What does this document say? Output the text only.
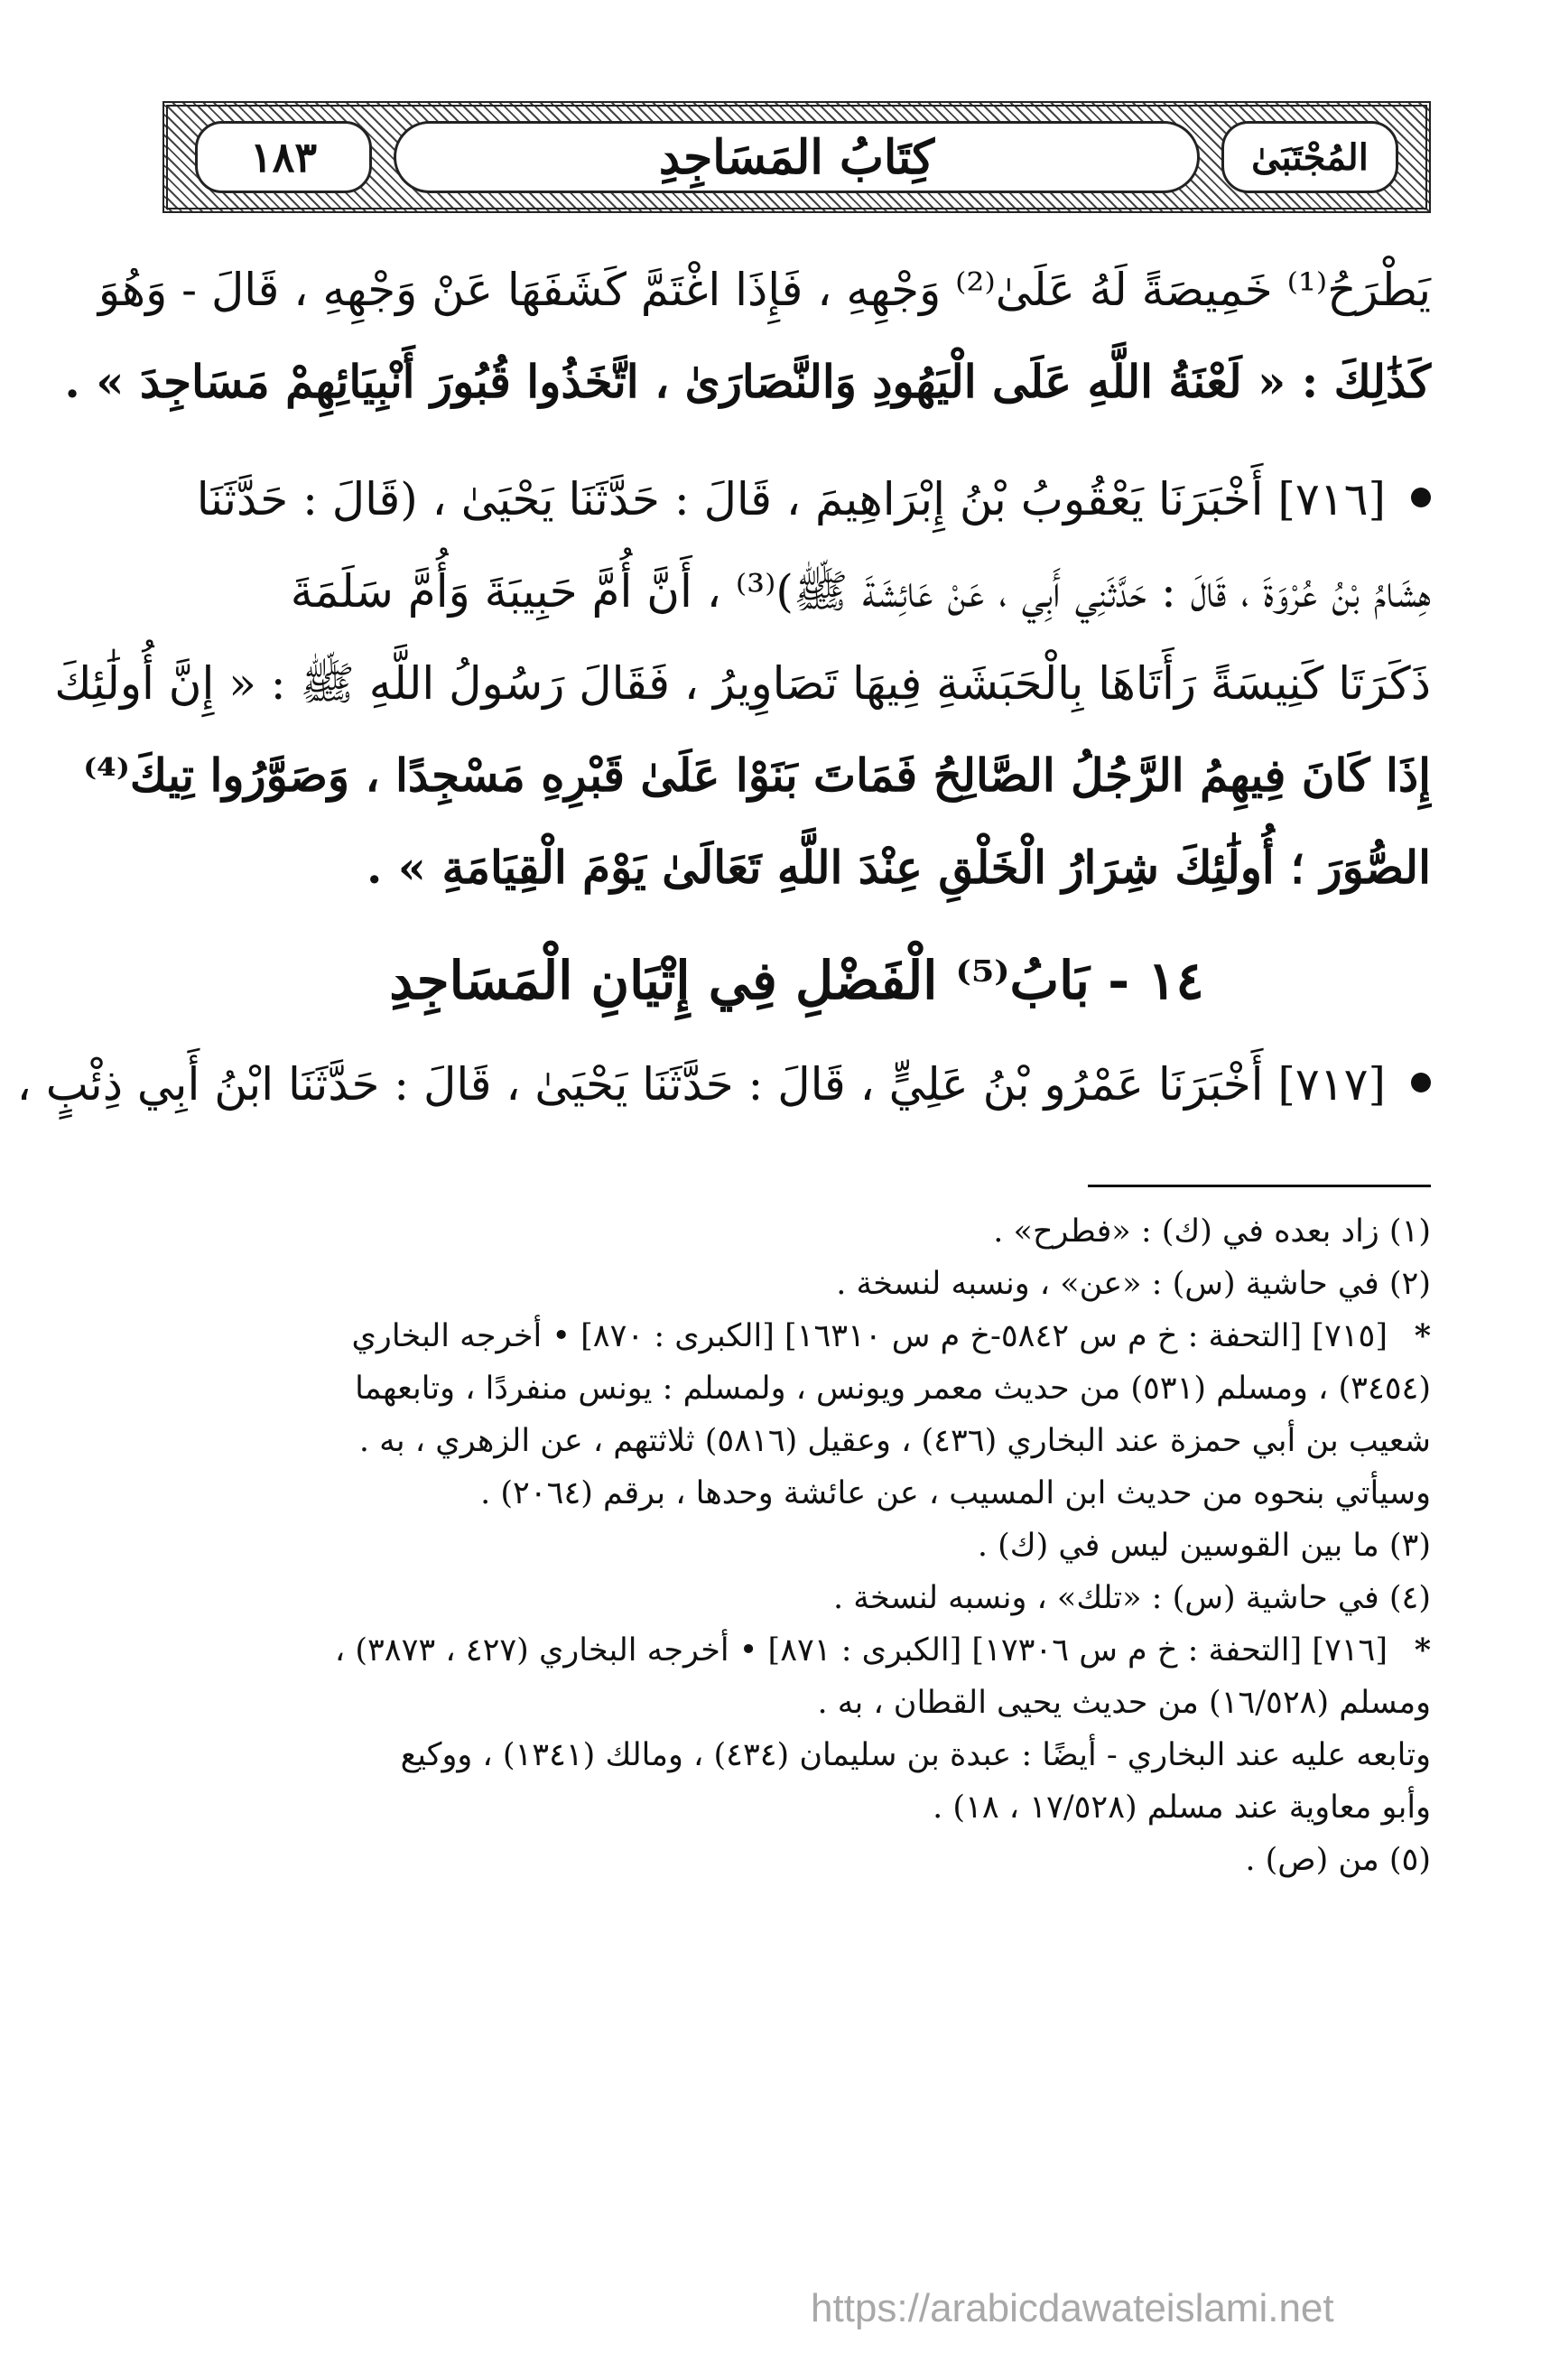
١٨٣	كِتَابُ المَسَاجِدِ	المُجْتَبَىٰ
يَطْرَحُ⁽¹⁾ خَمِيصَةً لَهُ عَلَىٰ⁽²⁾ وَجْهِهِ ، فَإِذَا اغْتَمَّ كَشَفَهَا عَنْ وَجْهِهِ ، قَالَ - وَهُوَ
كَذَٰلِكَ : « لَعْنَةُ اللَّهِ عَلَى الْيَهُودِ وَالنَّصَارَىٰ ، اتَّخَذُوا قُبُورَ أَنْبِيَائِهِمْ مَسَاجِدَ » .
[٧١٦] أَخْبَرَنَا يَعْقُوبُ بْنُ إِبْرَاهِيمَ ، قَالَ : حَدَّثَنَا يَحْيَىٰ ، (قَالَ : حَدَّثَنَا
هِشَامُ بْنُ عُرْوَةَ ، قَالَ : حَدَّثَنِي أَبِي ، عَنْ عَائِشَةَ ﷺ)⁽³⁾ ، أَنَّ أُمَّ حَبِيبَةَ وَأُمَّ سَلَمَةَ
ذَكَرَتَا كَنِيسَةً رَأَتَاهَا بِالْحَبَشَةِ فِيهَا تَصَاوِيرُ ، فَقَالَ رَسُولُ اللَّهِ ﷺ : « إِنَّ أُولَٰئِكَ
إِذَا كَانَ فِيهِمُ الرَّجُلُ الصَّالِحُ فَمَاتَ بَنَوْا عَلَىٰ قَبْرِهِ مَسْجِدًا ، وَصَوَّرُوا تِيكَ⁽⁴⁾
الصُّوَرَ ؛ أُولَٰئِكَ شِرَارُ الْخَلْقِ عِنْدَ اللَّهِ تَعَالَىٰ يَوْمَ الْقِيَامَةِ » .
١٤ - بَابُ⁽⁵⁾ الْفَضْلِ فِي إِتْيَانِ الْمَسَاجِدِ
[٧١٧] أَخْبَرَنَا عَمْرُو بْنُ عَلِيٍّ ، قَالَ : حَدَّثَنَا يَحْيَىٰ ، قَالَ : حَدَّثَنَا ابْنُ أَبِي ذِئْبٍ ،
(١) زاد بعده في (ك) : «فطرح» .
(٢) في حاشية (س) : «عن» ، ونسبه لنسخة .
*
[٧١٥] [التحفة : خ م س ٥٨٤٢-خ م س ١٦٣١٠] [الكبرى : ٨٧٠] • أخرجه البخاري
(٣٤٥٤) ، ومسلم (٥٣١) من حديث معمر ويونس ، ولمسلم : يونس منفردًا ، وتابعهما
شعيب بن أبي حمزة عند البخاري (٤٣٦) ، وعقيل (٥٨١٦) ثلاثتهم ، عن الزهري ، به .
وسيأتي بنحوه من حديث ابن المسيب ، عن عائشة وحدها ، برقم (٢٠٦٤) .
(٣) ما بين القوسين ليس في (ك) .
(٤) في حاشية (س) : «تلك» ، ونسبه لنسخة .
*
[٧١٦] [التحفة : خ م س ١٧٣٠٦] [الكبرى : ٨٧١] • أخرجه البخاري (٤٢٧ ، ٣٨٧٣) ،
ومسلم (١٦/٥٢٨) من حديث يحيى القطان ، به .
وتابعه عليه عند البخاري - أيضًا : عبدة بن سليمان (٤٣٤) ، ومالك (١٣٤١) ، ووكيع
وأبو معاوية عند مسلم (١٧/٥٢٨ ، ١٨) .
(٥) من (ص) .
https://arabicdawateislami.net
